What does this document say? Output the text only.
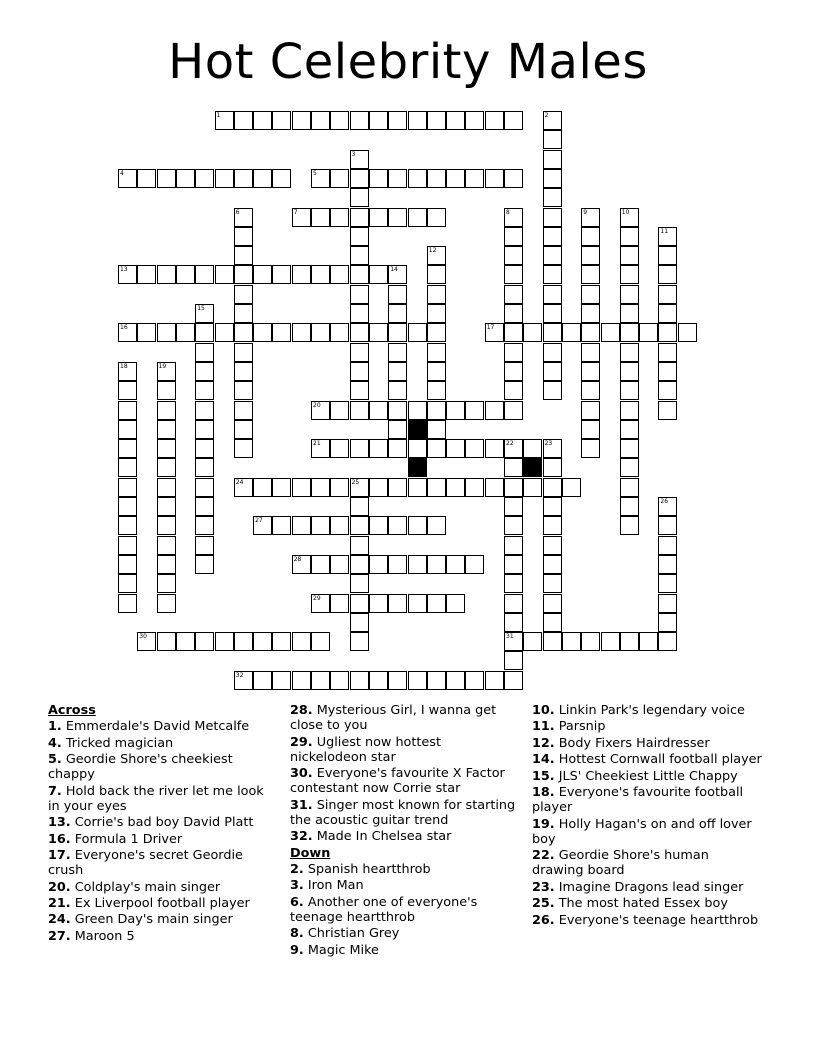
Hot Celebrity Males
1	2
3
4	5
6	7	8	9	10
11
12
13	14
15
16	17
18	19
20
21	22
31
23
24	25
26
27
28
29
30
32
Across
1. Emmerdale's David Metcalfe
4. Tricked magician
5. Geordie Shore's cheekiest chappy
7. Hold back the river let me look in your eyes
13. Corrie's bad boy David Platt
16. Formula 1 Driver
17. Everyone's secret Geordie crush
20. Coldplay's main singer
21. Ex Liverpool football player
24. Green Day's main singer
27. Maroon 5
28. Mysterious Girl, I wanna get close to you
29. Ugliest now hottest nickelodeon star
30. Everyone's favourite X Factor contestant now Corrie star
31. Singer most known for starting the acoustic guitar trend
32. Made In Chelsea star
Down
2. Spanish heartthrob
3. Iron Man
6. Another one of everyone's teenage heartthrob
8. Christian Grey
9. Magic Mike
10. Linkin Park's legendary voice
11. Parsnip
12. Body Fixers Hairdresser
14. Hottest Cornwall football player
15. JLS' Cheekiest Little Chappy
18. Everyone's favourite football player
19. Holly Hagan's on and off lover boy
22. Geordie Shore's human drawing board
23. Imagine Dragons lead singer
25. The most hated Essex boy
26. Everyone's teenage heartthrob
